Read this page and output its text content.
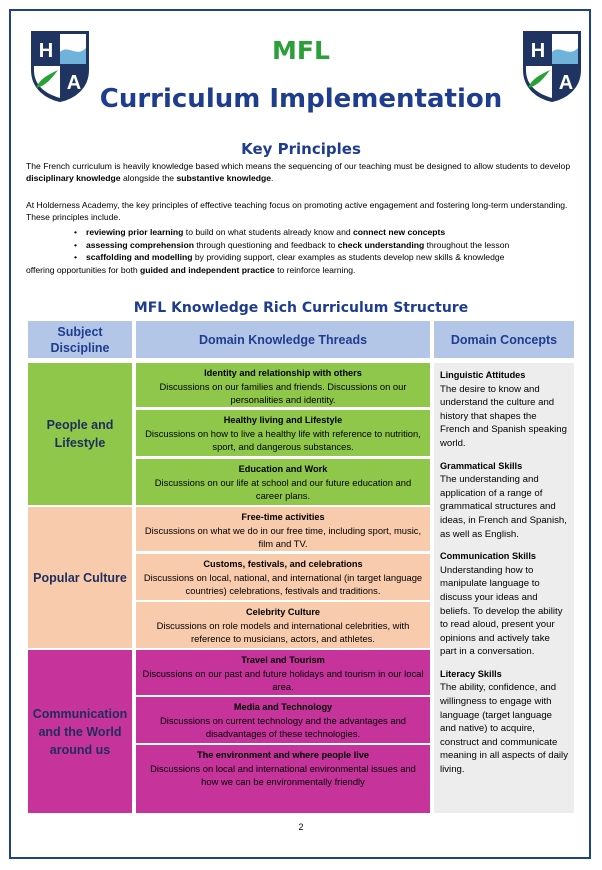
H
A
H
A
MFL
Curriculum Implementation
Key Principles
The French curriculum is heavily knowledge based which means the sequencing of our teaching must be designed to allow students to develop disciplinary knowledge alongside the substantive knowledge.
At Holderness Academy, the key principles of effective teaching focus on promoting active engagement and fostering long-term understanding. These principles include.
• reviewing prior learning to build on what students already know and connect new concepts
• assessing comprehension through questioning and feedback to check understanding throughout the lesson
• scaffolding and modelling by providing support, clear examples as students develop new skills & knowledge
offering opportunities for both guided and independent practice to reinforce learning.
MFL Knowledge Rich Curriculum Structure
Subject Discipline
Domain Knowledge Threads	Domain Concepts
People and Lifestyle
Popular Culture
Communication and the World around us
Identity and relationship with others
Discussions on our families and friends. Discussions on our personalities and identity.
Healthy living and Lifestyle
Discussions on how to live a healthy life with reference to nutrition, sport, and dangerous substances.
Education and Work
Discussions on our life at school and our future education and career plans.
Free-time activities
Discussions on what we do in our free time, including sport, music, film and TV.
Customs, festivals, and celebrations
Discussions on local, national, and international (in target language countries) celebrations, festivals and traditions.
Celebrity Culture
Discussions on role models and international celebrities, with reference to musicians, actors, and athletes.
Travel and Tourism
Discussions on our past and future holidays and tourism in our local area.
Media and Technology
Discussions on current technology and the advantages and disadvantages of these technologies.
The environment and where people live
Discussions on local and international environmental issues and how we can be environmentally friendly
Linguistic Attitudes
The desire to know and understand the culture and history that shapes the French and Spanish speaking world.
Grammatical Skills
The understanding and application of a range of grammatical structures and ideas, in French and Spanish, as well as English.
Communication Skills
Understanding how to manipulate language to discuss your ideas and beliefs. To develop the ability to read aloud, present your opinions and actively take part in a conversation.
Literacy Skills
The ability, confidence, and willingness to engage with language (target language and native) to acquire, construct and communicate meaning in all aspects of daily living.
2
